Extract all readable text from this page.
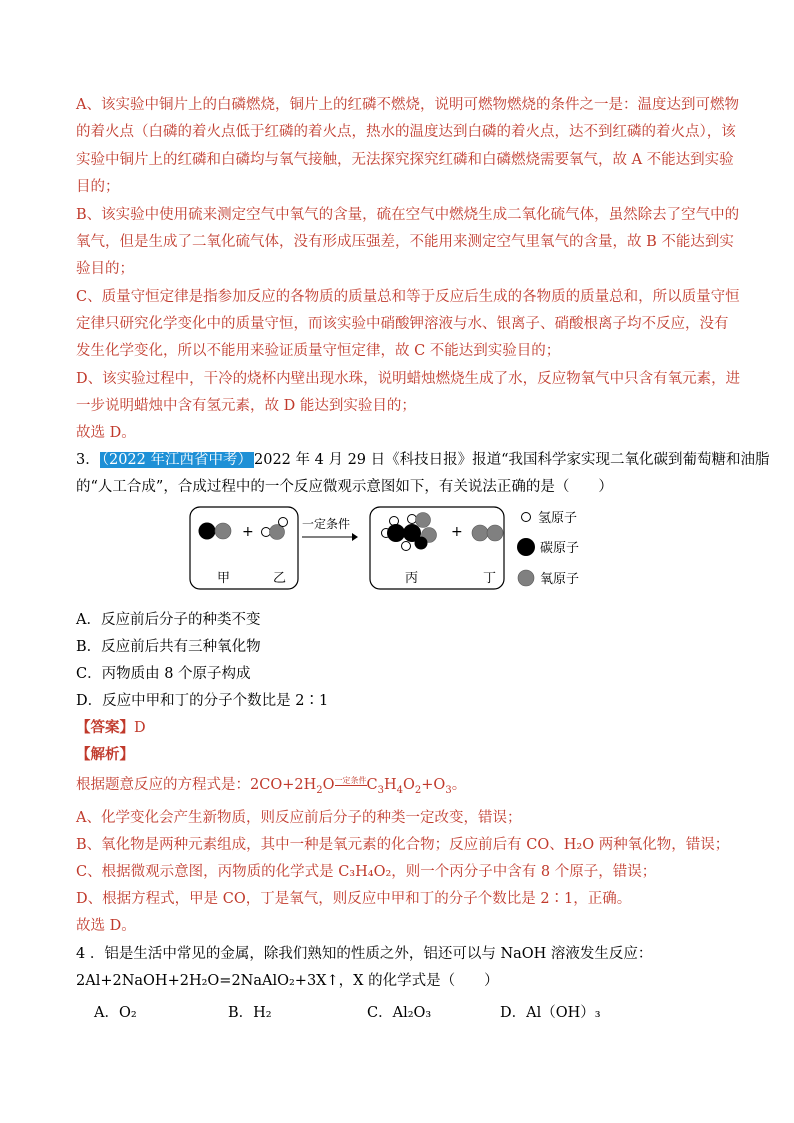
A、该实验中铜片上的白磷燃烧，铜片上的红磷不燃烧，说明可燃物燃烧的条件之一是：温度达到可燃物
的着火点（白磷的着火点低于红磷的着火点，热水的温度达到白磷的着火点，达不到红磷的着火点），该
实验中铜片上的红磷和白磷均与氧气接触，无法探究探究红磷和白磷燃烧需要氧气，故 A 不能达到实验
目的；
B、该实验中使用硫来测定空气中氧气的含量，硫在空气中燃烧生成二氧化硫气体，虽然除去了空气中的
氧气，但是生成了二氧化硫气体，没有形成压强差，不能用来测定空气里氧气的含量，故 B 不能达到实
验目的；
C、质量守恒定律是指参加反应的各物质的质量总和等于反应后生成的各物质的质量总和，所以质量守恒
定律只研究化学变化中的质量守恒，而该实验中硝酸钾溶液与水、银离子、硝酸根离子均不反应，没有
发生化学变化，所以不能用来验证质量守恒定律，故 C 不能达到实验目的；
D、该实验过程中，干冷的烧杯内壁出现水珠，说明蜡烛燃烧生成了水，反应物氧气中只含有氧元素，进
一步说明蜡烛中含有氢元素，故 D 能达到实验目的；
故选 D。
3． （2022 年江西省中考） 2022 年 4 月 29 日《科技日报》报道“我国科学家实现二氧化碳到葡萄糖和油脂
的“人工合成”，合成过程中的一个反应微观示意图如下，有关说法正确的是（　　）
+
甲	乙
一定条件	+
丙	丁
氢原子
碳原子
氧原子
A．反应前后分子的种类不变
B．反应前后共有三种氧化物
C．丙物质由 8 个原子构成
D．反应中甲和丁的分子个数比是 2∶1
【答案】D
【解析】
根据题意反应的方程式是：$2CO+2H_2O$一定条件$C_3H_4O_2+O_3$。
A、化学变化会产生新物质，则反应前后分子的种类一定改变，错误；
B、氧化物是两种元素组成，其中一种是氧元素的化合物；反应前后有 CO、H₂O 两种氧化物，错误；
C、根据微观示意图，丙物质的化学式是 C₃H₄O₂，则一个丙分子中含有 8 个原子，错误；
D、根据方程式，甲是 CO，丁是氧气，则反应中甲和丁的分子个数比是 2∶1，正确。
故选 D。
4 ．铝是生活中常见的金属，除我们熟知的性质之外，铝还可以与 NaOH 溶液发生反应：
2Al+2NaOH+2H₂O=2NaAlO₂+3X↑，X 的化学式是（　　）
A．O₂	B．H₂	C．Al₂O₃	D．Al（OH）₃
